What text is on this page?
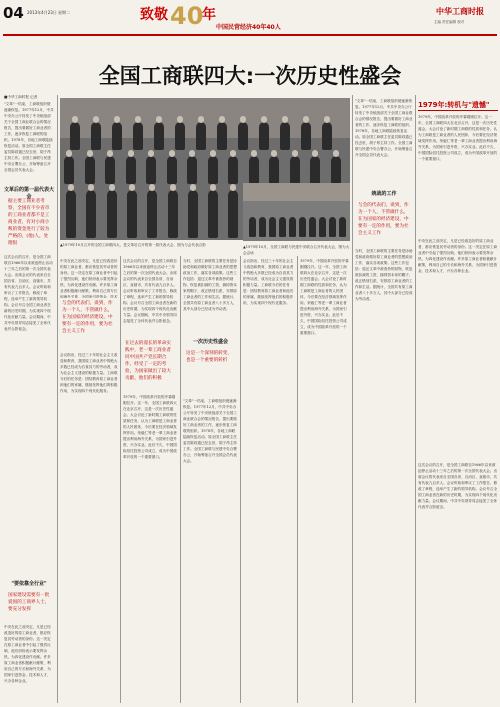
04 2013年4月23日 星期二	致敬 40
年
中国民营经济40年40人
中华工商时报
主编 责任编辑 校对
全国工商联四大:一次历史性盛会
■中华工商时报 记者
"文革"一结束，工商联组织便逐渐恢复。1977年12月，中共中央办公厅转发了中央统战部关于全国工商业联合会的情况报告，提出要做好工商业者的工作，逐步恢复工商联的组织。1978年，各地工商联陆续恢复活动。原全国工商联主任委员陈叔通已经去世，胡子昂主持工作。全国工商联与民建中央合署办公，开始筹备召开全国会员代表大会。
文革后的第一届代表大会
据主要工商业者考察，全国有不少省市的工商业者都不是工商业者，有对小商小贩的资金进行了较为严格的，(他)人，处理很
这次会议的召开，是全国工商联自1966年以来被迫停止活动十三年之后的第一次全国代表大会。出席会议的代表来自全国各省、自治区、直辖市，共有代表九百多人。会议听取和审议了工作报告，修改了章程，选举产生了新的领导机构。会议号召全国工商业者在新的历史时期，为实现四个现代化贡献力量。会议期间，中共中央领导同志接见了全体代表并合影留念。
"要依靠全行业"
国家建设需要有一批爱国的工商界人士，要充分发挥
中央在此之前决定，凡是已经改造好的原工商业者，都应恢复其劳动者的身份。这一决定在原工商业者中引起了强烈反响，他们纷纷表示要发挥余热，为四化建设作贡献。许多原工商业者积极献计献策，利用自己的专长和海外关系，为国家引进资金、技术和人才，兴办各种企业。
▲1979年10月召开的全国工商联四大，是文革后召开的第一届代表大会，图为与会代表合影
中央在此之前决定，凡是已经改造好的原工商业者，都应恢复其劳动者的身份。这一决定在原工商业者中引起了强烈反响，他们纷纷表示要发挥余热，为四化建设作贡献。许多原工商业者积极献计献策，利用自己的专长和海外关系，为国家引进资金、技术
与会的代表们，谈到，作为一个人，不管做什么，在为国家的经济建设，中要有一定的作用，要为社会主义工作
会议指出，经过三十年的社会主义改造和教育，我国原工商业者中的绝大多数已经成为自食其力的劳动者，成为社会主义建设的积极力量。工商联今后的任务是：团结教育原工商业者和他们的家属，继续发挥他们的积极作用，为实现四个现代化服务。
这次会议的召开，是全国工商联自1966年以来被迫停止活动十三年之后的第一次全国代表大会。出席会议的代表来自全国各省、自治区、直辖市，共有代表九百多人。会议听取和审议了工作报告，修改了章程，选举产生了新的领导机构。会议号召全国工商业者在新的历史时期，为实现四个现代化贡献力量。会议期间，中共中央领导同志接见了全体代表并合影留念。
在过去的漫长的革命实践中，老一辈工商业者同中国共产党长期合作，经受了一定的考验，为国家做出了较大贡献，他们的积极
1979年，中国改革开放的序幕刚刚拉开。这一年，全国工商联四大在北京召开，这是一次历史性盛会。大会讨论了新时期工商联的性质和任务，认为工商联是工商业者的人民团体，今后要在经济领域发挥作用。荣毅仁等老一辈工商业者提出利用海外关系，为国家引进外资，兴办实业。此后不久，中国国际信托投资公司成立，成为中国改革开放的一个重要窗口。
当时，全国工商联的主要任务是协助党和政府做好原工商业者的思想政治工作，落实各项政策。这些工作包括：退还文革中被查抄的财物，恢复被扣减的工资，摘掉资本家的帽子，改正错划右派，安排原工商业者的工作和生活。据统计，全国共有原工商业者八十多万人，其中大部分已经成为劳动者。
一次历史性盛会
这是一个深刻的转变，也是一个重要的转折
"文革"一结束，工商联组织便逐渐恢复。1977年12月，中共中央办公厅转发了中央统战部关于全国工商业联合会的情况报告，提出要做好工商业者的工作，逐步恢复工商联的组织。1978年，各地工商联陆续恢复活动。原全国工商联主任委员陈叔通已经去世，胡子昂主持工作。全国工商联与民建中央合署办公，开始筹备召开全国会员代表大会。
▲1979年10月，全国工商联与民建中央联合召开代表大会，图为大会会场
会议指出，经过三十年的社会主义改造和教育，我国原工商业者中的绝大多数已经成为自食其力的劳动者，成为社会主义建设的积极力量。工商联今后的任务是：团结教育原工商业者和他们的家属，继续发挥他们的积极作用，为实现四个现代化服务。
1979年，中国改革开放的序幕刚刚拉开。这一年，全国工商联四大在北京召开，这是一次历史性盛会。大会讨论了新时期工商联的性质和任务，认为工商联是工商业者的人民团体，今后要在经济领域发挥作用。荣毅仁等老一辈工商业者提出利用海外关系，为国家引进外资，兴办实业。此后不久，中国国际信托投资公司成立，成为中国改革开放的一个重要窗口。
"文革"一结束，工商联组织便逐渐恢复。1977年12月，中共中央办公厅转发了中央统战部关于全国工商业联合会的情况报告，提出要做好工商业者的工作，逐步恢复工商联的组织。1978年，各地工商联陆续恢复活动。原全国工商联主任委员陈叔通已经去世，胡子昂主持工作。全国工商联与民建中央合署办公，开始筹备召开全国会员代表大会。
统战的工作
与会的代表们，谈到，作为一个人，不管做什么，在为国家的经济建设，中要有一定的作用，要为社会主义工作
当时，全国工商联的主要任务是协助党和政府做好原工商业者的思想政治工作，落实各项政策。这些工作包括：退还文革中被查抄的财物，恢复被扣减的工资，摘掉资本家的帽子，改正错划右派，安排原工商业者的工作和生活。据统计，全国共有原工商业者八十多万人，其中大部分已经成为劳动者。
1979年:转机与"遗憾"
1979年，中国改革开放的序幕刚刚拉开。这一年，全国工商联四大在北京召开，这是一次历史性盛会。大会讨论了新时期工商联的性质和任务，认为工商联是工商业者的人民团体，今后要在经济领域发挥作用。荣毅仁等老一辈工商业者提出利用海外关系，为国家引进外资，兴办实业。此后不久，中国国际信托投资公司成立，成为中国改革开放的一个重要窗口。
中央在此之前决定，凡是已经改造好的原工商业者，都应恢复其劳动者的身份。这一决定在原工商业者中引起了强烈反响，他们纷纷表示要发挥余热，为四化建设作贡献。许多原工商业者积极献计献策，利用自己的专长和海外关系，为国家引进资金、技术和人才，兴办各种企业。
这次会议的召开，是全国工商联自1966年以来被迫停止活动十三年之后的第一次全国代表大会。出席会议的代表来自全国各省、自治区、直辖市，共有代表九百多人。会议听取和审议了工作报告，修改了章程，选举产生了新的领导机构。会议号召全国工商业者在新的历史时期，为实现四个现代化贡献力量。会议期间，中共中央领导同志接见了全体代表并合影留念。
